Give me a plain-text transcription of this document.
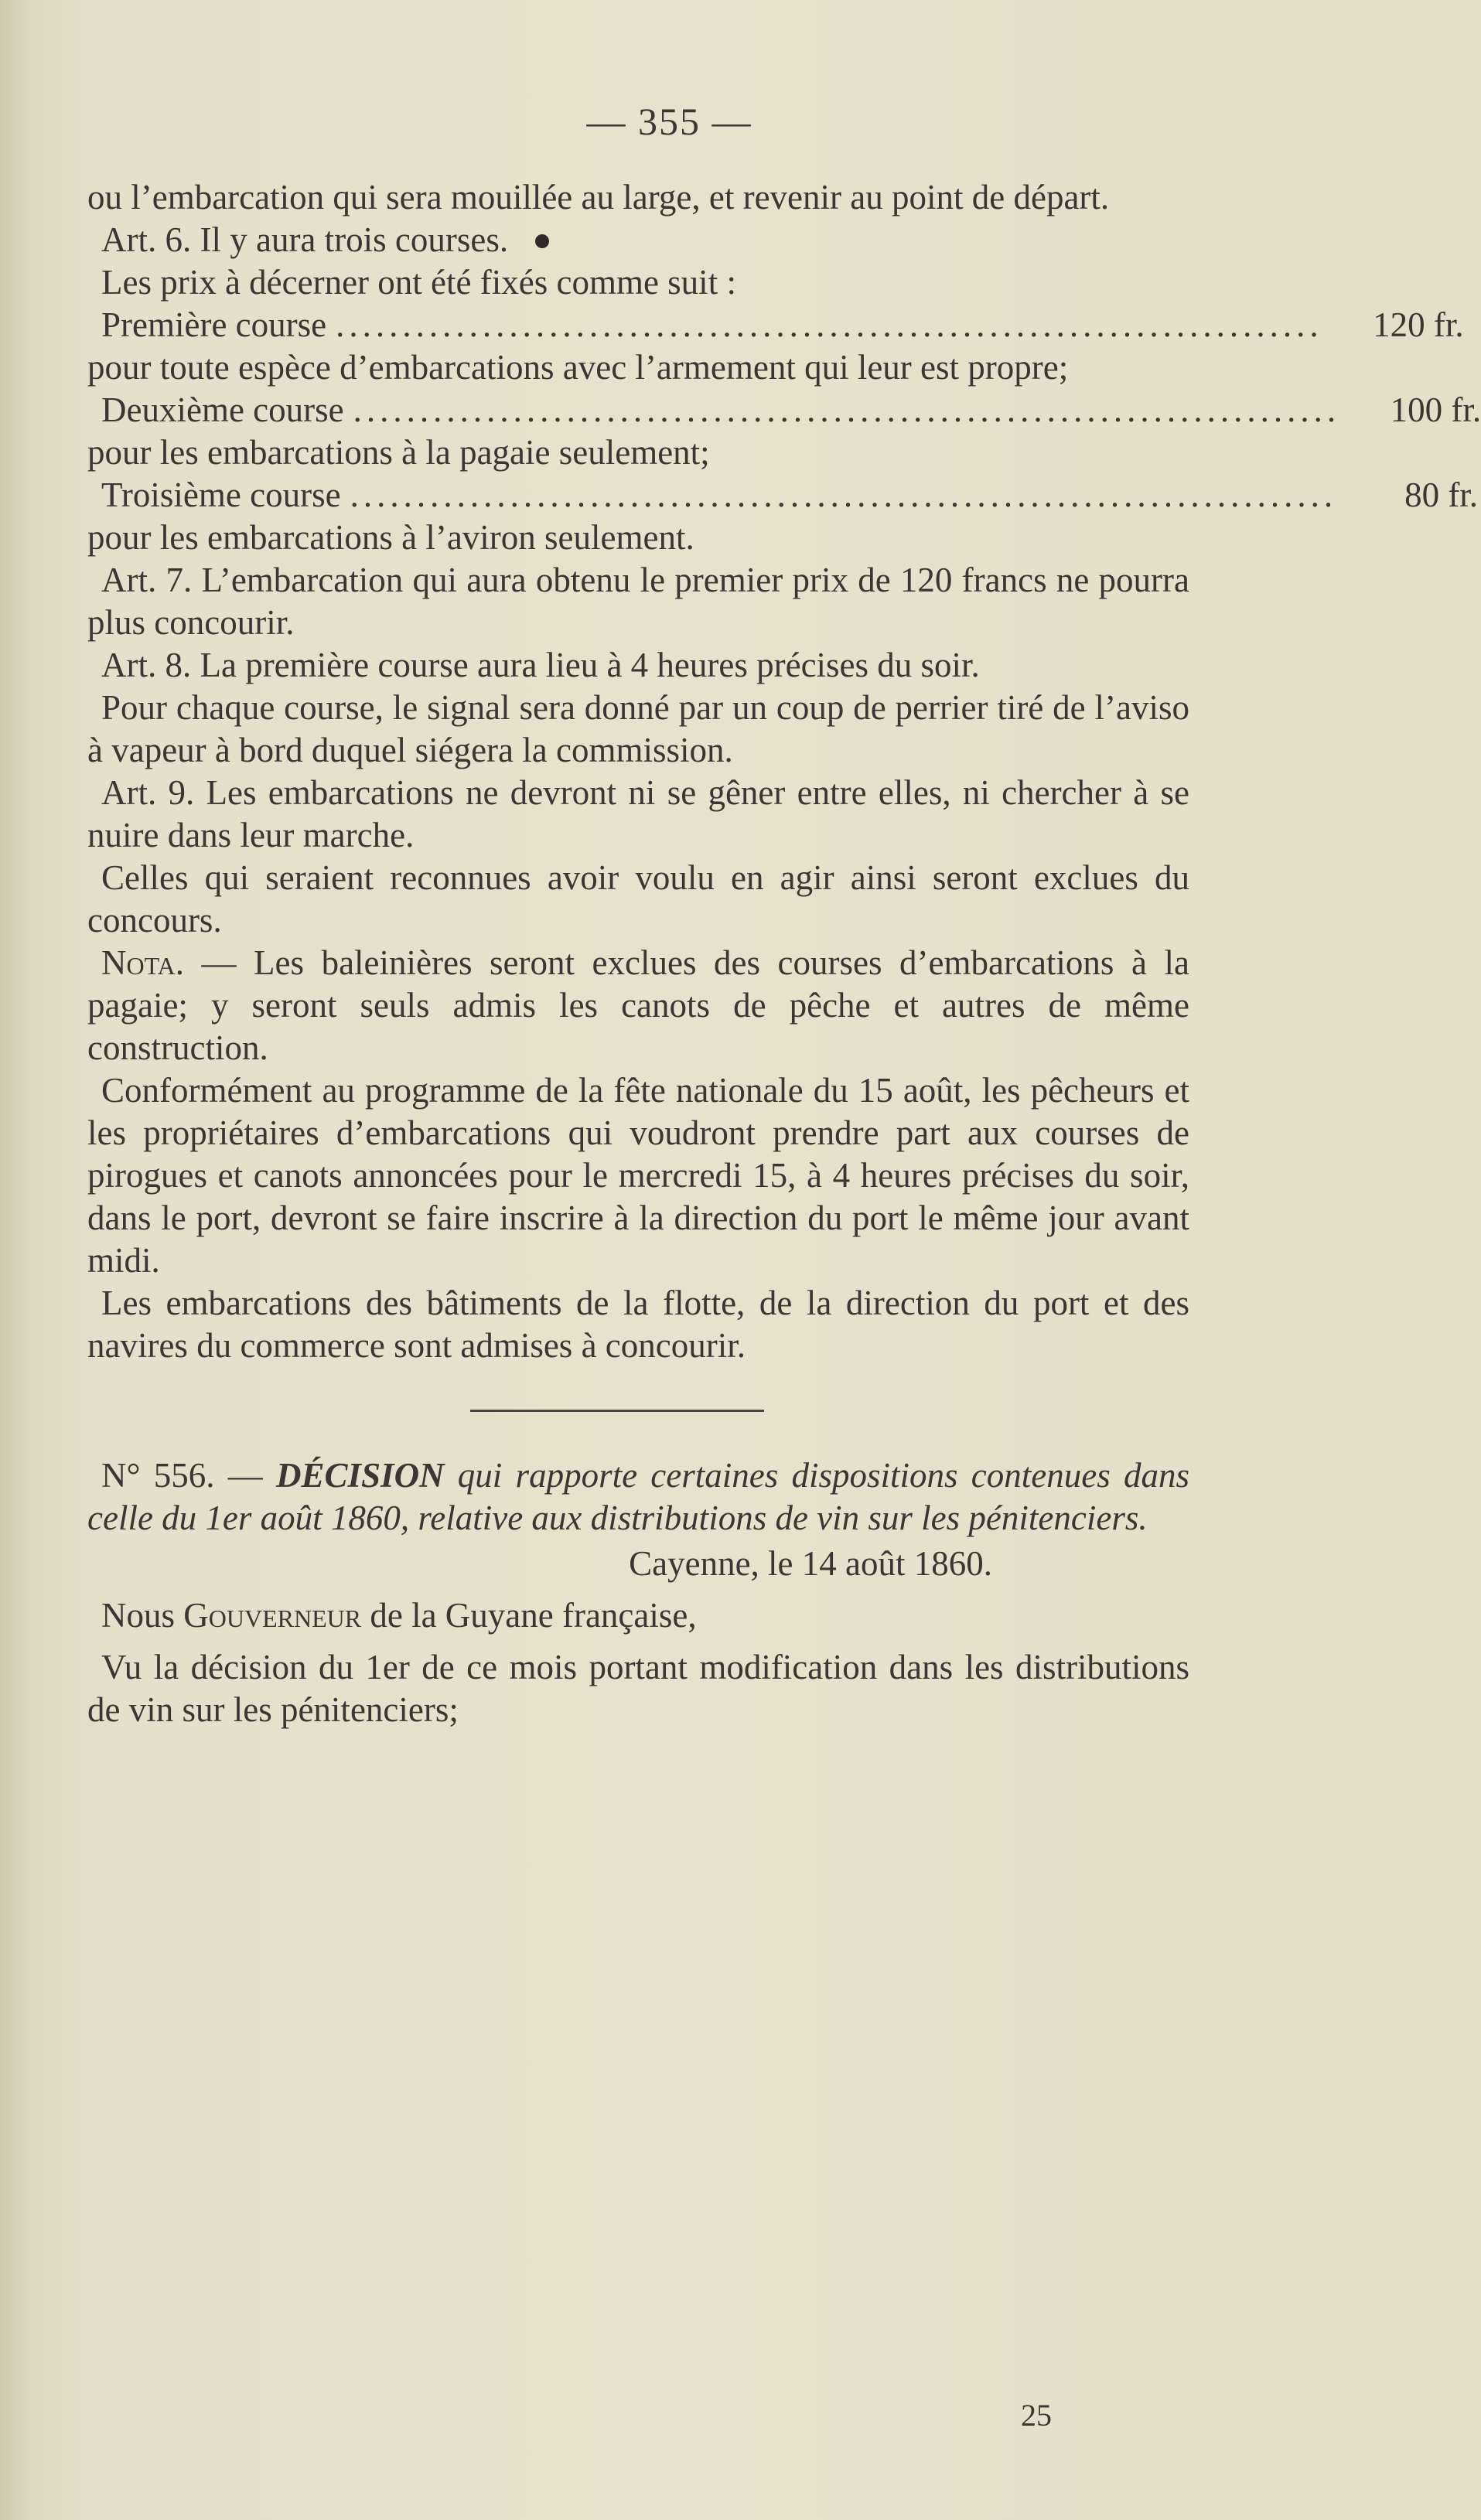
— 355 —

ou l’embarcation qui sera mouillée au large, et revenir au point de départ.

Art. 6. Il y aura trois courses.

Les prix à décerner ont été fixés comme suit :

Première course ..........................................................................	120 fr.

pour toute espèce d’embarcations avec l’armement qui leur est propre;

Deuxième course ..........................................................................	100 fr.

pour les embarcations à la pagaie seulement;

Troisième course ..........................................................................	80 fr.

pour les embarcations à l’aviron seulement.

Art. 7. L’embarcation qui aura obtenu le premier prix de 120 francs ne pourra plus concourir.

Art. 8. La première course aura lieu à 4 heures précises du soir.

Pour chaque course, le signal sera donné par un coup de perrier tiré de l’aviso à vapeur à bord duquel siégera la commission.

Art. 9. Les embarcations ne devront ni se gêner entre elles, ni chercher à se nuire dans leur marche.

Celles qui seraient reconnues avoir voulu en agir ainsi seront exclues du concours.

Nota. — Les baleinières seront exclues des courses d’embarcations à la pagaie; y seront seuls admis les canots de pêche et autres de même construction.

Conformément au programme de la fête nationale du 15 août, les pêcheurs et les propriétaires d’embarcations qui voudront prendre part aux courses de pirogues et canots annoncées pour le mercredi 15, à 4 heures précises du soir, dans le port, devront se faire inscrire à la direction du port le même jour avant midi.

Les embarcations des bâtiments de la flotte, de la direction du port et des navires du commerce sont admises à concourir.

N° 556. — DÉCISION qui rapporte certaines dispositions contenues dans celle du 1er août 1860, relative aux distributions de vin sur les pénitenciers.

Cayenne, le 14 août 1860.

Nous Gouverneur de la Guyane française,

Vu la décision du 1er de ce mois portant modification dans les distributions de vin sur les pénitenciers;

25
